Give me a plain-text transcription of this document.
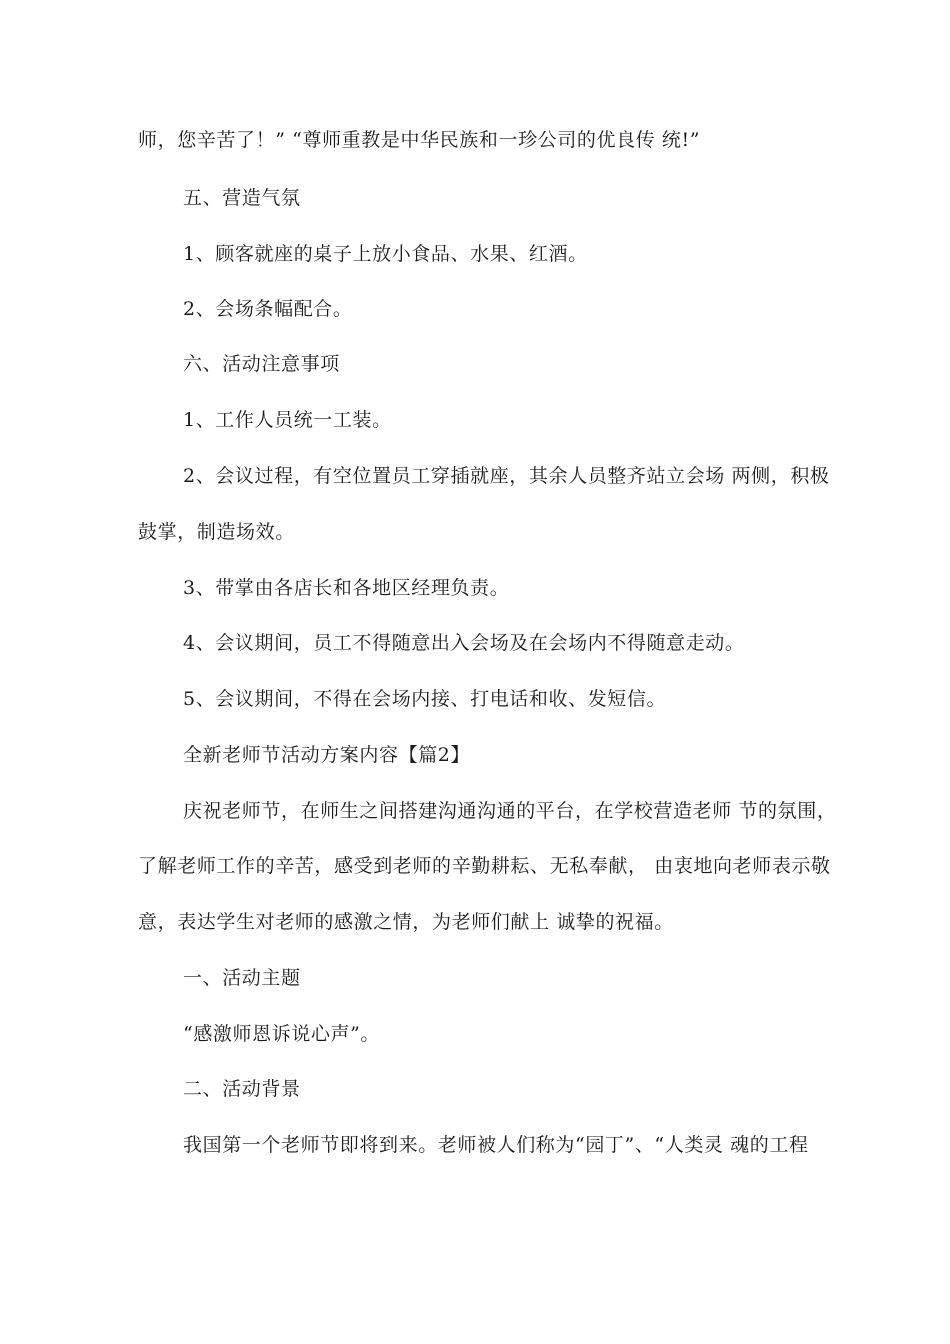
师，您辛苦了！” “尊师重教是中华民族和一珍公司的优良传 统!”
五、营造气氛
1、顾客就座的桌子上放小食品、水果、红酒。
2、会场条幅配合。
六、活动注意事项
1、工作人员统一工装。
2、会议过程，有空位置员工穿插就座，其余人员整齐站立会场 两侧，积极
鼓掌，制造场效。
3、带掌由各店长和各地区经理负责。
4、会议期间，员工不得随意出入会场及在会场内不得随意走动。
5、会议期间，不得在会场内接、打电话和收、发短信。
全新老师节活动方案内容【篇2】
庆祝老师节，在师生之间搭建沟通沟通的平台，在学校营造老师 节的氛围，
了解老师工作的辛苦，感受到老师的辛勤耕耘、无私奉献， 由衷地向老师表示敬
意，表达学生对老师的感激之情，为老师们献上 诚挚的祝福。
一、活动主题
“感激师恩诉说心声”。
二、活动背景
我国第一个老师节即将到来。老师被人们称为“园丁”、“人类灵 魂的工程
